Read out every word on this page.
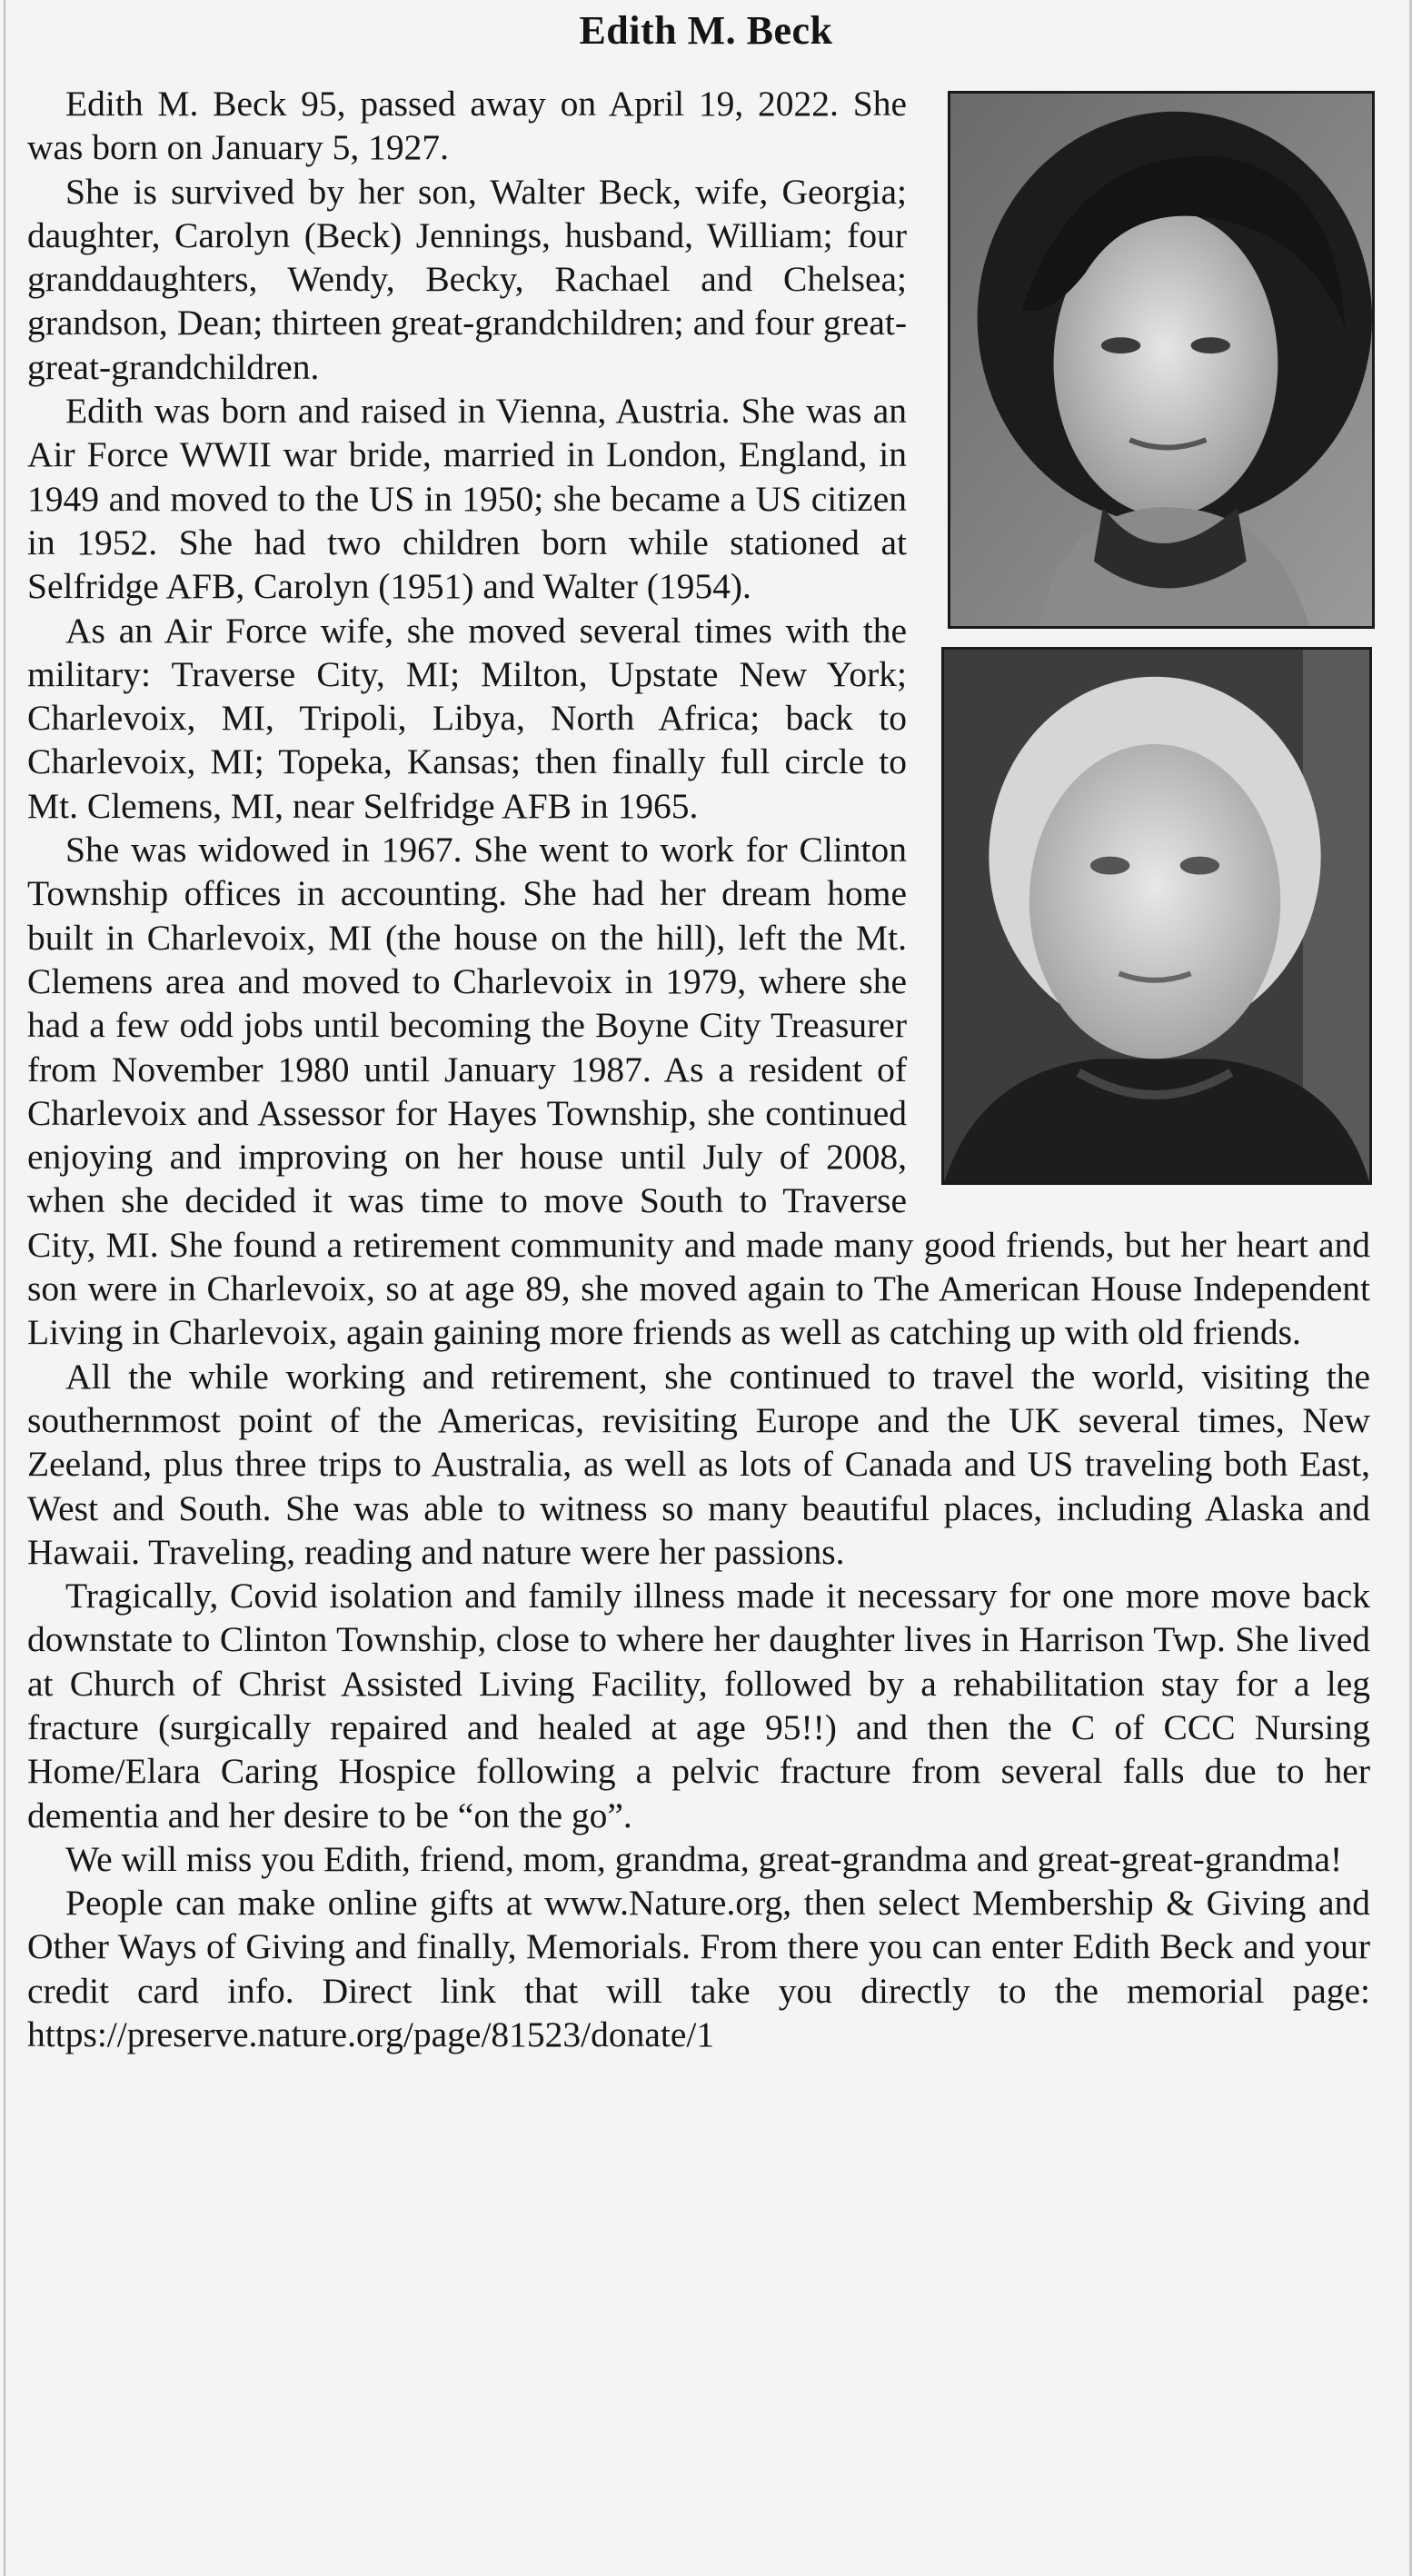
Edith M. Beck

Edith M. Beck 95, passed away on April 19, 2022. She was born on January 5, 1927.

She is survived by her son, Walter Beck, wife, Georgia; daughter, Carolyn (Beck) Jennings, husband, William; four granddaughters, Wendy, Becky, Rachael and Chelsea; grandson, Dean; thirteen great-grandchildren; and four great-great-grandchildren.

Edith was born and raised in Vienna, Austria. She was an Air Force WWII war bride, married in London, England, in 1949 and moved to the US in 1950; she became a US citizen in 1952. She had two children born while stationed at Selfridge AFB, Carolyn (1951) and Walter (1954).

As an Air Force wife, she moved several times with the military: Traverse City, MI; Milton, Upstate New York; Charlevoix, MI, Tripoli, Libya, North Africa; back to Charlevoix, MI; Topeka, Kansas; then finally full circle to Mt. Clemens, MI, near Selfridge AFB in 1965.

She was widowed in 1967. She went to work for Clinton Township offices in accounting. She had her dream home built in Charlevoix, MI (the house on the hill), left the Mt. Clemens area and moved to Charlevoix in 1979, where she had a few odd jobs until becoming the Boyne City Treasurer from November 1980 until January 1987. As a resident of Charlevoix and Assessor for Hayes Township, she continued enjoying and improving on her house until July of 2008, when she decided it was time to move South to Traverse City, MI. She found a retirement community and made many good friends, but her heart and son were in Charlevoix, so at age 89, she moved again to The American House Independent Living in Charlevoix, again gaining more friends as well as catching up with old friends.

All the while working and retirement, she continued to travel the world, visiting the southernmost point of the Americas, revisiting Europe and the UK several times, New Zeeland, plus three trips to Australia, as well as lots of Canada and US traveling both East, West and South. She was able to witness so many beautiful places, including Alaska and Hawaii. Traveling, reading and nature were her passions.

Tragically, Covid isolation and family illness made it necessary for one more move back downstate to Clinton Township, close to where her daughter lives in Harrison Twp. She lived at Church of Christ Assisted Living Facility, followed by a rehabilitation stay for a leg fracture (surgically repaired and healed at age 95!!) and then the C of CCC Nursing Home/Elara Caring Hospice following a pelvic fracture from several falls due to her dementia and her desire to be “on the go”.

We will miss you Edith, friend, mom, grandma, great-grandma and great-great-grandma!

People can make online gifts at www.Nature.org, then select Membership & Giving and Other Ways of Giving and finally, Memorials. From there you can enter Edith Beck and your credit card info. Direct link that will take you directly to the memorial page: https://preserve.nature.org/page/81523/donate/1
